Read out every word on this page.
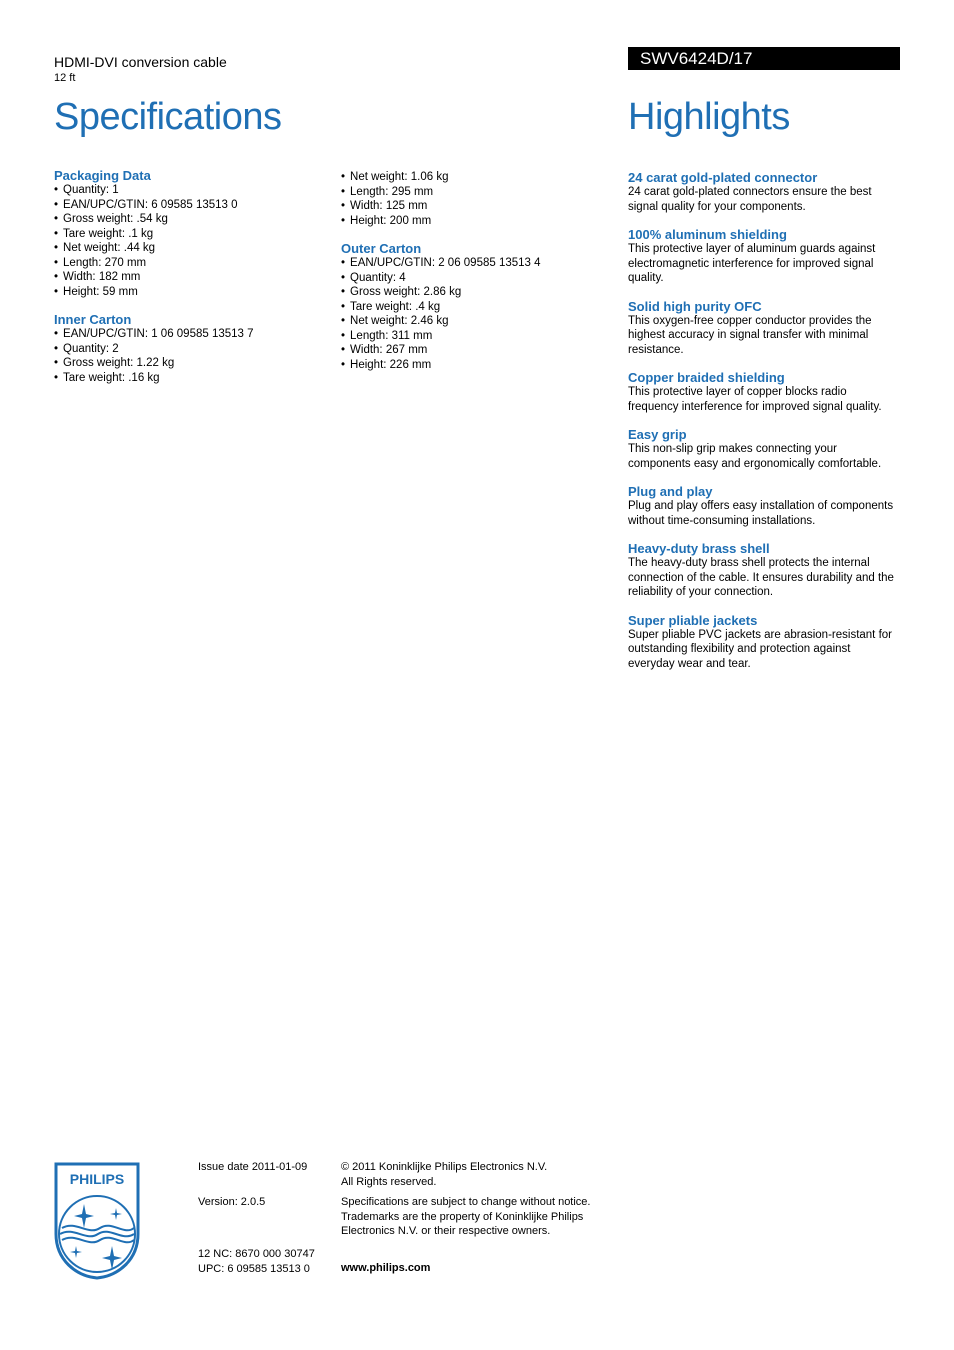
HDMI-DVI conversion cable
12 ft
SWV6424D/17
Specifications	Highlights
Packaging Data
• Quantity: 1
• EAN/UPC/GTIN: 6 09585 13513 0
• Gross weight: .54 kg
• Tare weight: .1 kg
• Net weight: .44 kg
• Length: 270 mm
• Width: 182 mm
• Height: 59 mm
Inner Carton
• EAN/UPC/GTIN: 1 06 09585 13513 7
• Quantity: 2
• Gross weight: 1.22 kg
• Tare weight: .16 kg
• Net weight: 1.06 kg
• Length: 295 mm
• Width: 125 mm
• Height: 200 mm
Outer Carton
• EAN/UPC/GTIN: 2 06 09585 13513 4
• Quantity: 4
• Gross weight: 2.86 kg
• Tare weight: .4 kg
• Net weight: 2.46 kg
• Length: 311 mm
• Width: 267 mm
• Height: 226 mm
24 carat gold-plated connector

24 carat gold-plated connectors ensure the best signal quality for your components.

100% aluminum shielding

This protective layer of aluminum guards against electromagnetic interference for improved signal quality.

Solid high purity OFC

This oxygen-free copper conductor provides the highest accuracy in signal transfer with minimal resistance.

Copper braided shielding

This protective layer of copper blocks radio frequency interference for improved signal quality.

Easy grip

This non-slip grip makes connecting your components easy and ergonomically comfortable.

Plug and play

Plug and play offers easy installation of components without time-consuming installations.

Heavy-duty brass shell

The heavy-duty brass shell protects the internal connection of the cable. It ensures durability and the reliability of your connection.

Super pliable jackets

Super pliable PVC jackets are abrasion-resistant for outstanding flexibility and protection against everyday wear and tear.

PHILIPS

Issue date 2011-01-09

Version: 2.0.5

12 NC: 8670 000 30747

UPC: 6 09585 13513 0

© 2011 Koninklijke Philips Electronics N.V.

All Rights reserved.

Specifications are subject to change without notice.

Trademarks are the property of Koninklijke Philips

Electronics N.V. or their respective owners.

www.philips.com
